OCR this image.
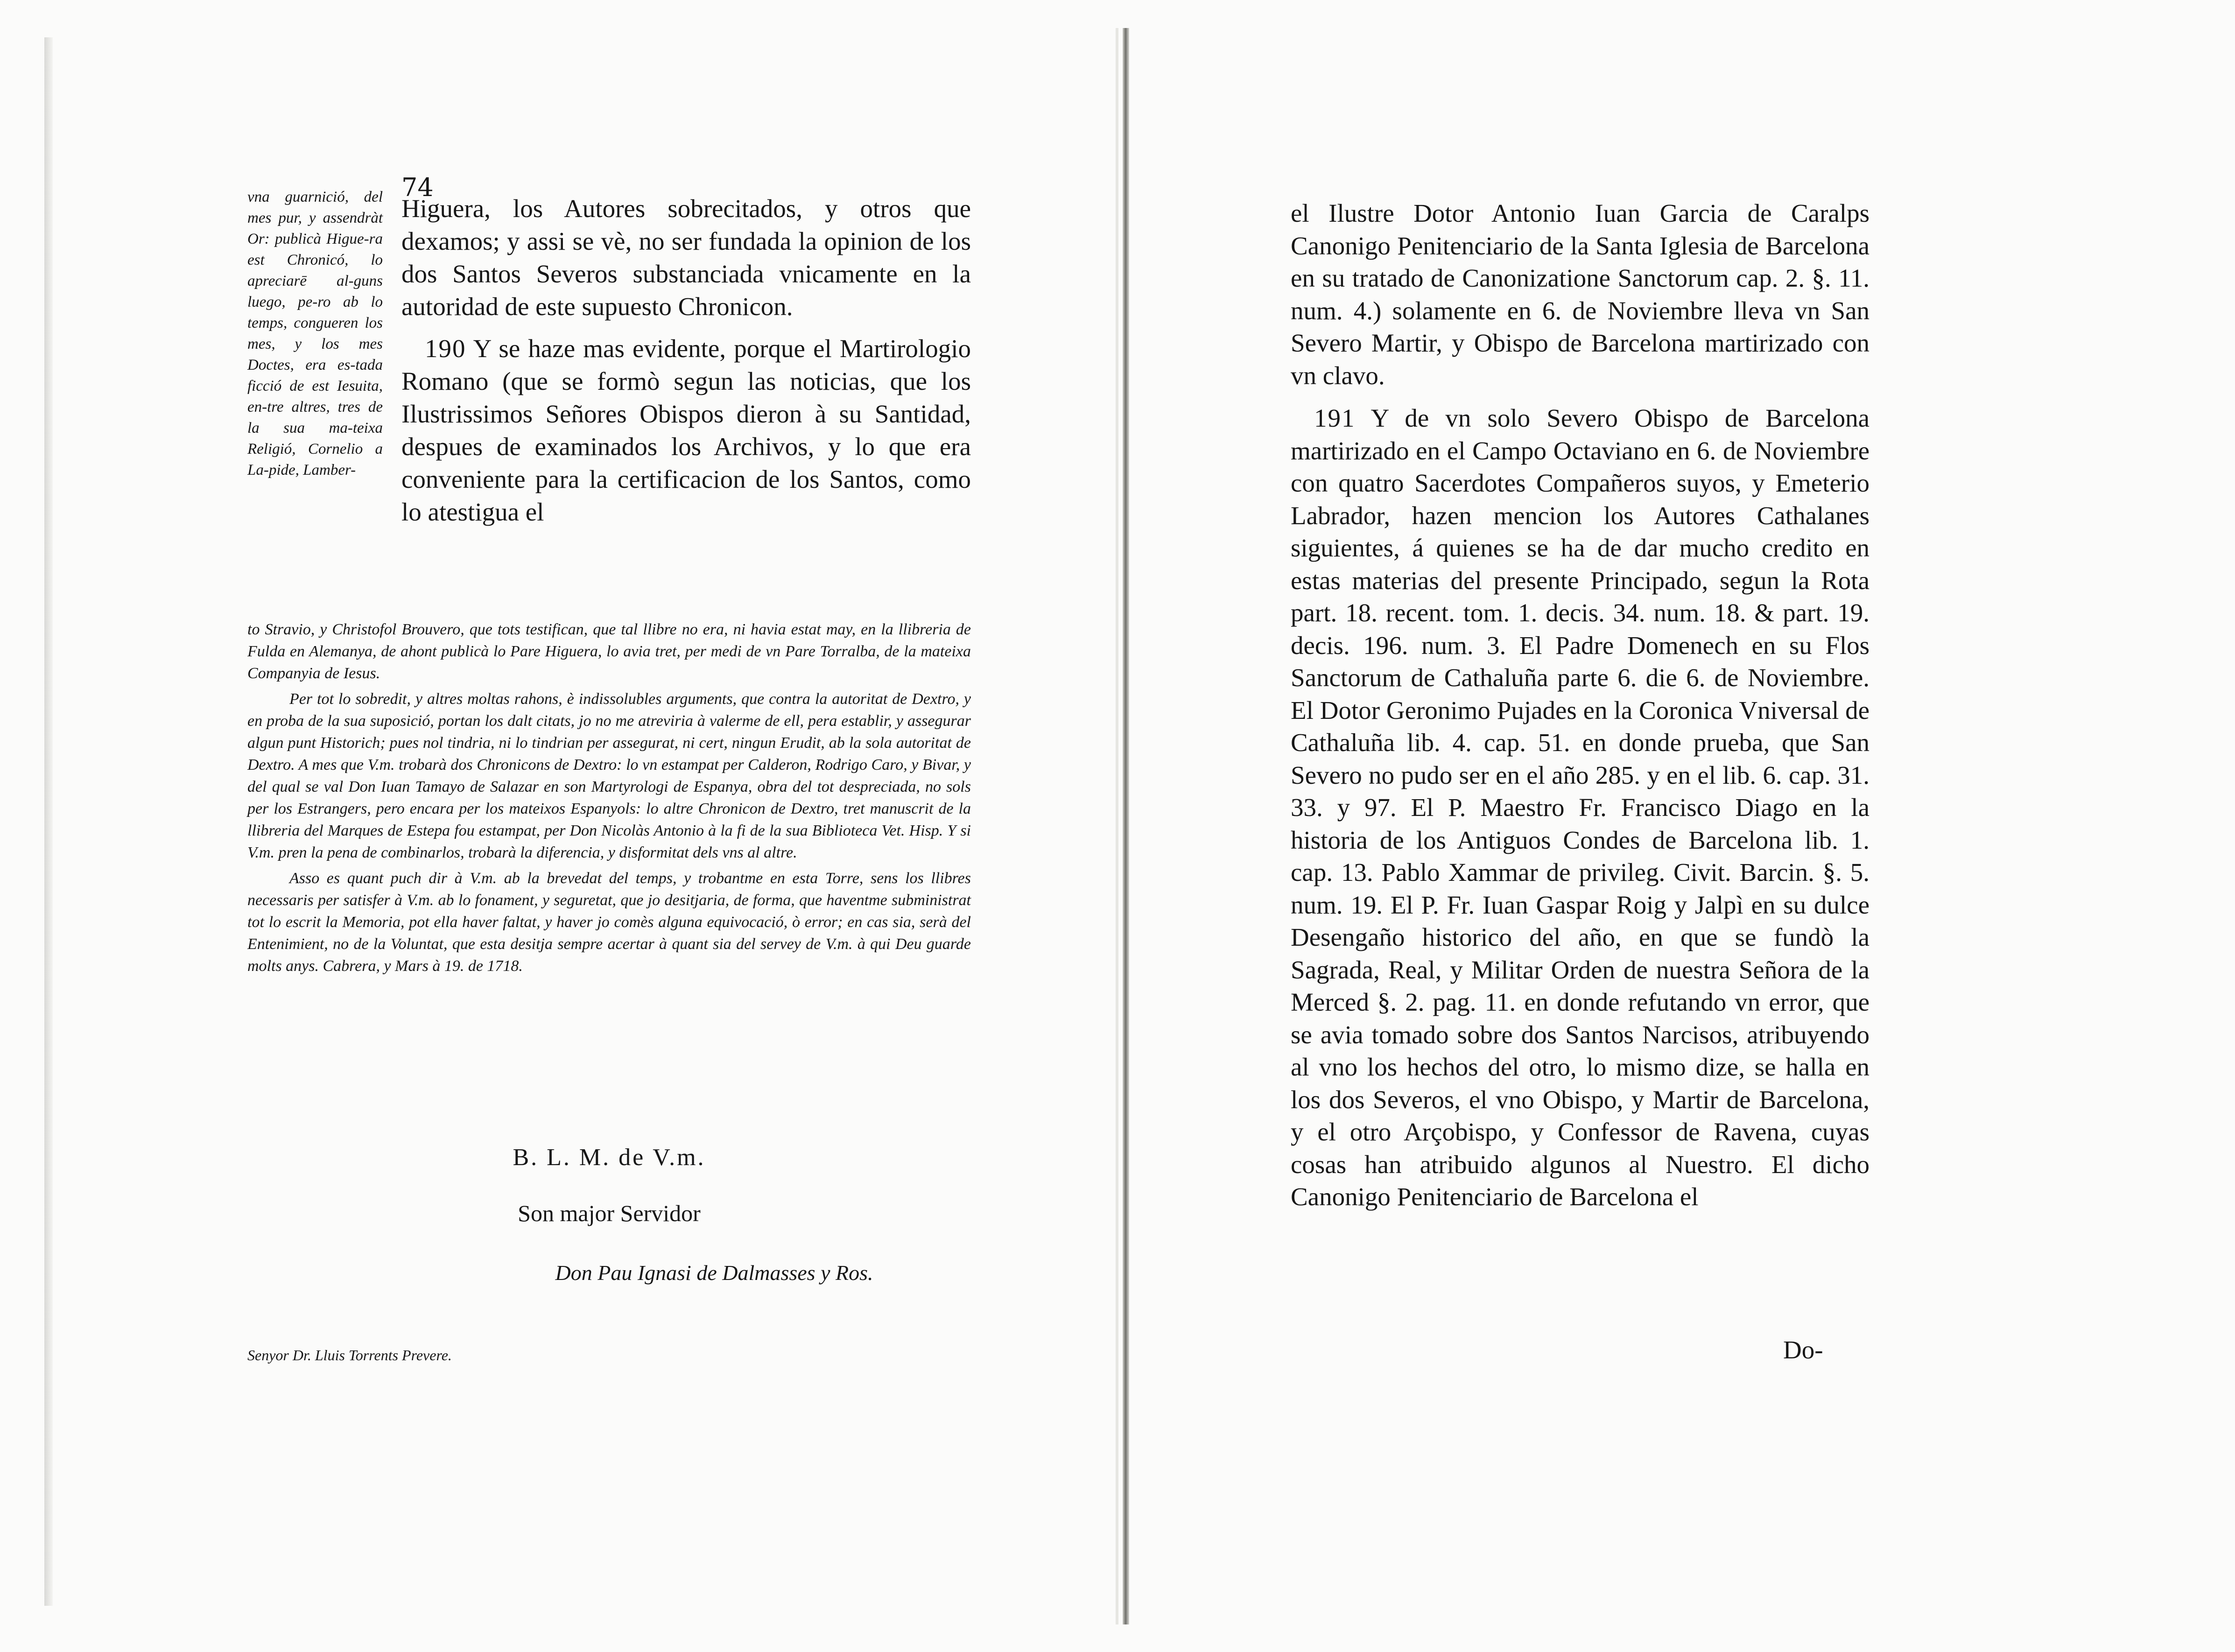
74
vna guarnició, del mes pur, y assendràt Or: publicà Higue-ra est Chronicó, lo apreciarē al-guns luego, pe-ro ab lo temps, congueren los mes, y los mes Doctes, era es-tada ficció de est Iesuita, en-tre altres, tres de la sua ma-teixa Religió, Cornelio a La-pide, Lamber-

Higuera, los Autores sobrecitados, y otros que dexamos; y assi se vè, no ser fundada la opinion de los dos Santos Severos substanciada vnicamente en la autoridad de este supuesto Chronicon.

190 Y se haze mas evidente, porque el Martirologio Romano (que se formò segun las noticias, que los Ilustrissimos Señores Obispos dieron à su Santidad, despues de examinados los Archivos, y lo que era conveniente para la certificacion de los Santos, como lo atestigua el

to Stravio, y Christofol Brouvero, que tots testifican, que tal llibre no era, ni havia estat may, en la llibreria de Fulda en Alemanya, de ahont publicà lo Pare Higuera, lo avia tret, per medi de vn Pare Torralba, de la mateixa Companyia de Iesus.

Per tot lo sobredit, y altres moltas rahons, è indissolubles arguments, que contra la autoritat de Dextro, y en proba de la sua suposició, portan los dalt citats, jo no me atreviria à valerme de ell, pera establir, y assegurar algun punt Historich; pues nol tindria, ni lo tindrian per assegurat, ni cert, ningun Erudit, ab la sola autoritat de Dextro. A mes que V.m. trobarà dos Chronicons de Dextro: lo vn estampat per Calderon, Rodrigo Caro, y Bivar, y del qual se val Don Iuan Tamayo de Salazar en son Martyrologi de Espanya, obra del tot despreciada, no sols per los Estrangers, pero encara per los mateixos Espanyols: lo altre Chronicon de Dextro, tret manuscrit de la llibreria del Marques de Estepa fou estampat, per Don Nicolàs Antonio à la fi de la sua Biblioteca Vet. Hisp. Y si V.m. pren la pena de combinarlos, trobarà la diferencia, y disformitat dels vns al altre.

Asso es quant puch dir à V.m. ab la brevedat del temps, y trobantme en esta Torre, sens los llibres necessaris per satisfer à V.m. ab lo fonament, y seguretat, que jo desitjaria, de forma, que haventme subministrat tot lo escrit la Memoria, pot ella haver faltat, y haver jo comès alguna equivocació, ò error; en cas sia, serà del Entenimient, no de la Voluntat, que esta desitja sempre acertar à quant sia del servey de V.m. à qui Deu guarde molts anys. Cabrera, y Mars à 19. de 1718.

B. L. M. de V.m.
Son major Servidor
Don Pau Ignasi de Dalmasses y Ros.
Senyor Dr. Lluis Torrents Prevere.

el Ilustre Dotor Antonio Iuan Garcia de Caralps Canonigo Penitenciario de la Santa Iglesia de Barcelona en su tratado de Canonizatione Sanctorum cap. 2. §. 11. num. 4.) solamente en 6. de Noviembre lleva vn San Severo Martir, y Obispo de Barcelona martirizado con vn clavo.

191 Y de vn solo Severo Obispo de Barcelona martirizado en el Campo Octaviano en 6. de Noviembre con quatro Sacerdotes Compañeros suyos, y Emeterio Labrador, hazen mencion los Autores Cathalanes siguientes, á quienes se ha de dar mucho credito en estas materias del presente Principado, segun la Rota part. 18. recent. tom. 1. decis. 34. num. 18. & part. 19. decis. 196. num. 3. El Padre Domenech en su Flos Sanctorum de Cathaluña parte 6. die 6. de Noviembre. El Dotor Geronimo Pujades en la Coronica Vniversal de Cathaluña lib. 4. cap. 51. en donde prueba, que San Severo no pudo ser en el año 285. y en el lib. 6. cap. 31. 33. y 97. El P. Maestro Fr. Francisco Diago en la historia de los Antiguos Condes de Barcelona lib. 1. cap. 13. Pablo Xammar de privileg. Civit. Barcin. §. 5. num. 19. El P. Fr. Iuan Gaspar Roig y Jalpì en su dulce Desengaño historico del año, en que se fundò la Sagrada, Real, y Militar Orden de nuestra Señora de la Merced §. 2. pag. 11. en donde refutando vn error, que se avia tomado sobre dos Santos Narcisos, atribuyendo al vno los hechos del otro, lo mismo dize, se halla en los dos Severos, el vno Obispo, y Martir de Barcelona, y el otro Arçobispo, y Confessor de Ravena, cuyas cosas han atribuido algunos al Nuestro. El dicho Canonigo Penitenciario de Barcelona el

Do-
